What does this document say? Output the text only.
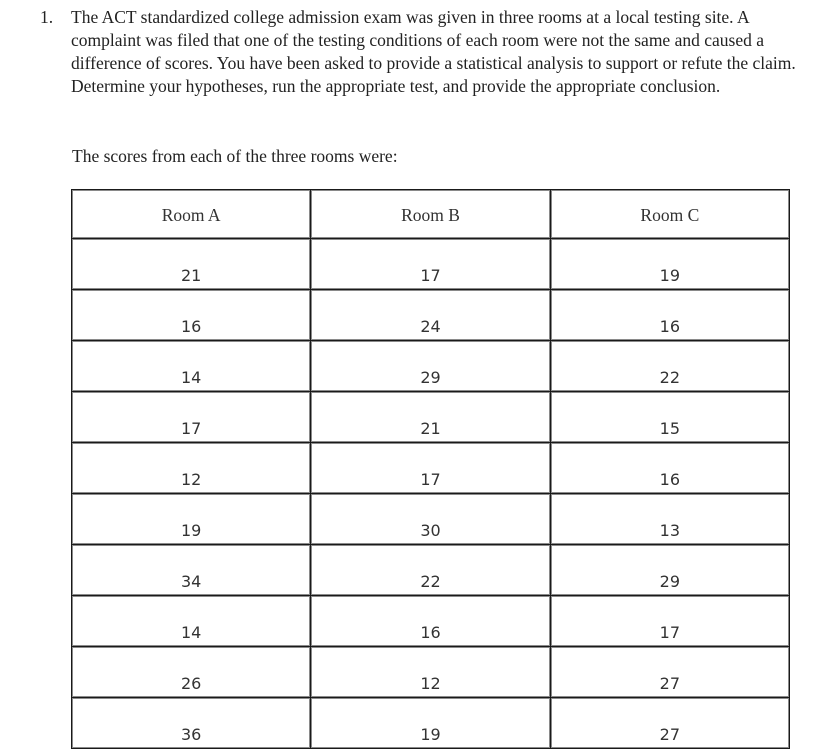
1.	The ACT standardized college admission exam was given in three rooms at a local testing site. A complaint was filed that one of the testing conditions of each room were not the same and caused a difference of scores. You have been asked to provide a statistical analysis to support or refute the claim. Determine your hypotheses, run the appropriate test, and provide the appropriate conclusion.
The scores from each of the three rooms were:
Room A	Room B	Room C
21	17	19
16	24	16
14	29	22
17	21	15
12	17	16
19	30	13
34	22	29
14	16	17
26	12	27
36	19	27
